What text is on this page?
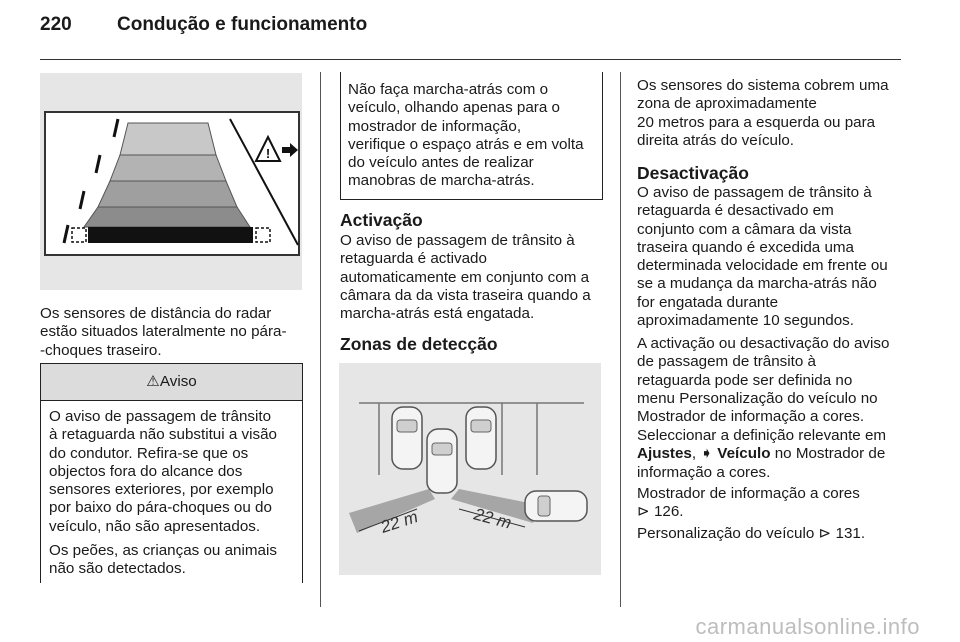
220 Condução e funcionamento
!
Os sensores de distância do radar
estão situados lateralmente no pára-
-choques traseiro.
⚠Aviso
O aviso de passagem de trânsito
à retaguarda não substitui a visão
do condutor. Refira-se que os
objectos fora do alcance dos
sensores exteriores, por exemplo
por baixo do pára-choques ou do
veículo, não são apresentados.
Os peões, as crianças ou animais
não são detectados.
Não faça marcha-atrás com o
veículo, olhando apenas para o
mostrador de informação,
verifique o espaço atrás e em volta
do veículo antes de realizar
manobras de marcha-atrás.
Activação
O aviso de passagem de trânsito à
retaguarda é activado
automaticamente em conjunto com a
câmara da da vista traseira quando a
marcha-atrás está engatada.
Zonas de detecção
22 m	22 m
Os sensores do sistema cobrem uma
zona de aproximadamente
20 metros para a esquerda ou para
direita atrás do veículo.
Desactivação
O aviso de passagem de trânsito à
retaguarda é desactivado em
conjunto com a câmara da vista
traseira quando é excedida uma
determinada velocidade em frente ou
se a mudança da marcha-atrás não
for engatada durante
aproximadamente 10 segundos.
A activação ou desactivação do aviso
de passagem de trânsito à
retaguarda pode ser definida no
menu Personalização do veículo no
Mostrador de informação a cores.
Seleccionar a definição relevante em
Ajustes, ➧ Veículo no Mostrador de
informação a cores.
Mostrador de informação a cores
⊳ 126.
Personalização do veículo ⊳ 131.
carmanualsonline.info
